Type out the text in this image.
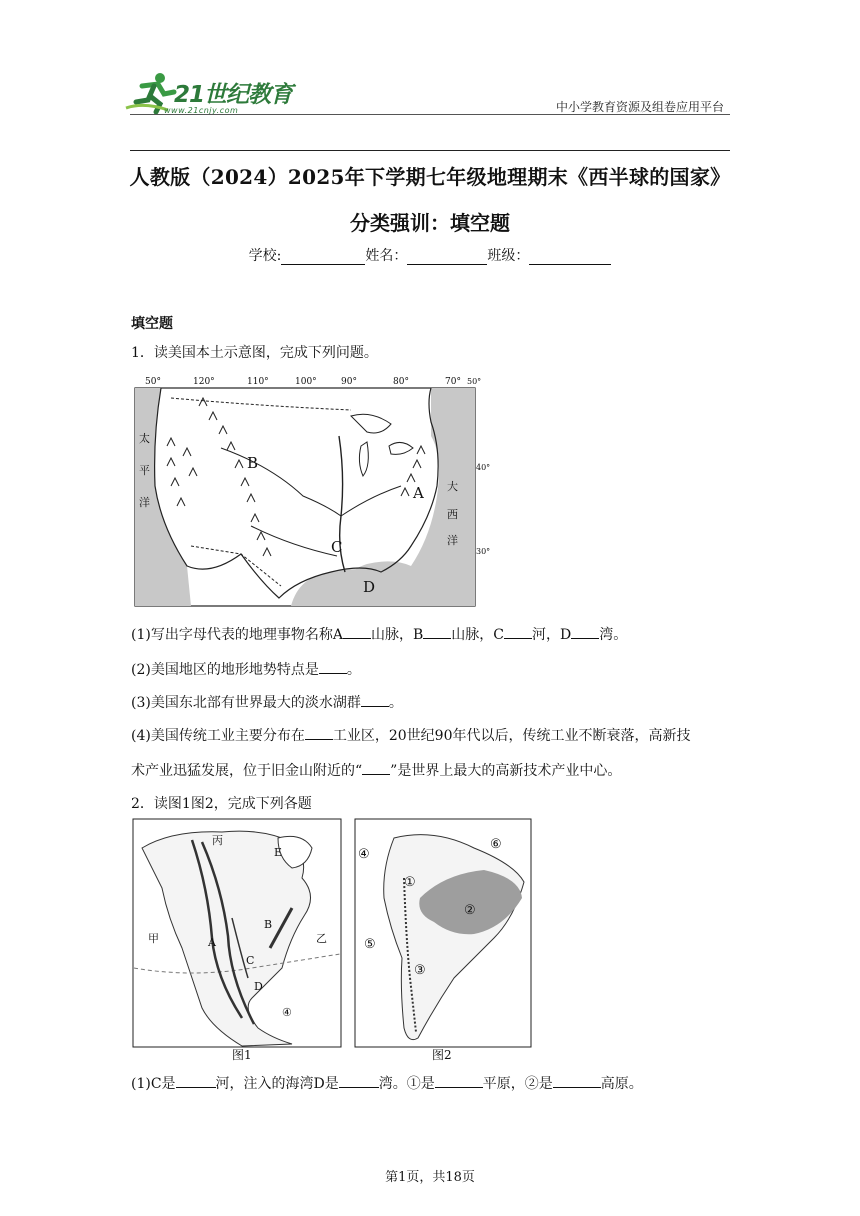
21世纪教育
www.21cnjy.com	中小学教育资源及组卷应用平台
人教版（2024）2025年下学期七年级地理期末《西半球的国家》
分类强训：填空题
学校:	姓名：	班级：
填空题
1．读美国本土示意图，完成下列问题。
50°	120°	110°	100°	90°	80°	70° 50°
太
平
洋
大
西
洋
40°
30°
A
B
C
D
(1)写出字母代表的地理事物名称A 山脉，B 山脉，C 河，D 湾。
(2)美国地区的地形地势特点是 。
(3)美国东北部有世界最大的淡水湖群 。
(4)美国传统工业主要分布在 工业区，20世纪90年代以后，传统工业不断衰落，高新技
术产业迅猛发展，位于旧金山附近的“ ”是世界上最大的高新技术产业中心。
2．读图1图2，完成下列各题
丙
E
甲	A
B
乙
C
D
④
⑥
④
①
②
⑤
③
图1	图2
(1)C是	河，注入的海湾D是	湾。①是	平原，②是	高原。
第1页，共18页
